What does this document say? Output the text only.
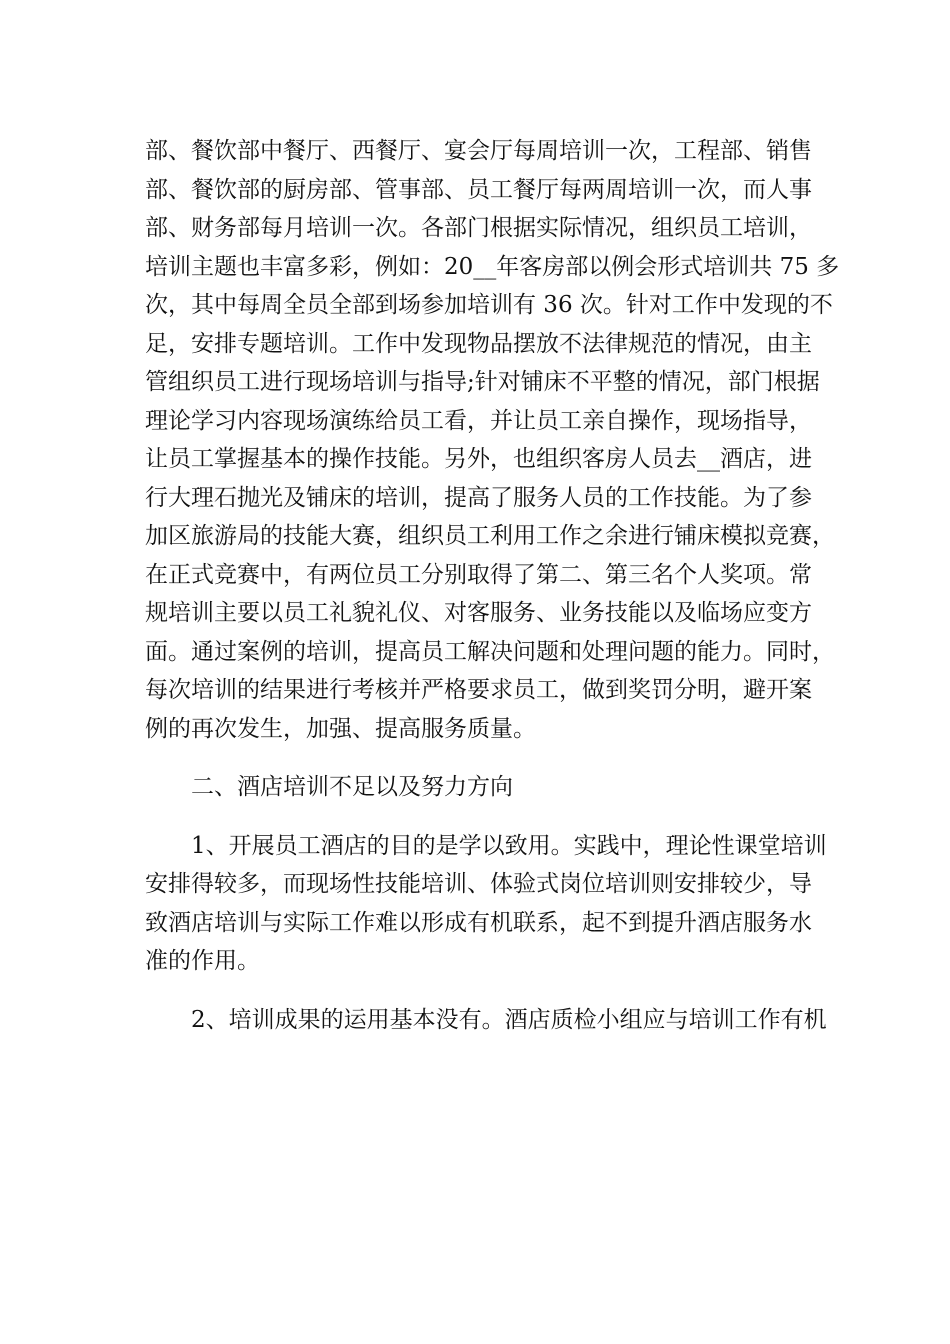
部、餐饮部中餐厅、西餐厅、宴会厅每周培训一次，工程部、销售
部、餐饮部的厨房部、管事部、员工餐厅每两周培训一次，而人事
部、财务部每月培训一次。各部门根据实际情况，组织员工培训，
培训主题也丰富多彩，例如：20__年客房部以例会形式培训共 75 多
次，其中每周全员全部到场参加培训有 36 次。针对工作中发现的不
足，安排专题培训。工作中发现物品摆放不法律规范的情况，由主
管组织员工进行现场培训与指导;针对铺床不平整的情况，部门根据
理论学习内容现场演练给员工看，并让员工亲自操作，现场指导，
让员工掌握基本的操作技能。另外，也组织客房人员去__酒店，进
行大理石抛光及铺床的培训，提高了服务人员的工作技能。为了参
加区旅游局的技能大赛，组织员工利用工作之余进行铺床模拟竞赛，
在正式竞赛中，有两位员工分别取得了第二、第三名个人奖项。常
规培训主要以员工礼貌礼仪、对客服务、业务技能以及临场应变方
面。通过案例的培训，提高员工解决问题和处理问题的能力。同时，
每次培训的结果进行考核并严格要求员工，做到奖罚分明，避开案
例的再次发生，加强、提高服务质量。
二、酒店培训不足以及努力方向
1、开展员工酒店的目的是学以致用。实践中，理论性课堂培训
安排得较多，而现场性技能培训、体验式岗位培训则安排较少，导
致酒店培训与实际工作难以形成有机联系，起不到提升酒店服务水
准的作用。
2、培训成果的运用基本没有。酒店质检小组应与培训工作有机
